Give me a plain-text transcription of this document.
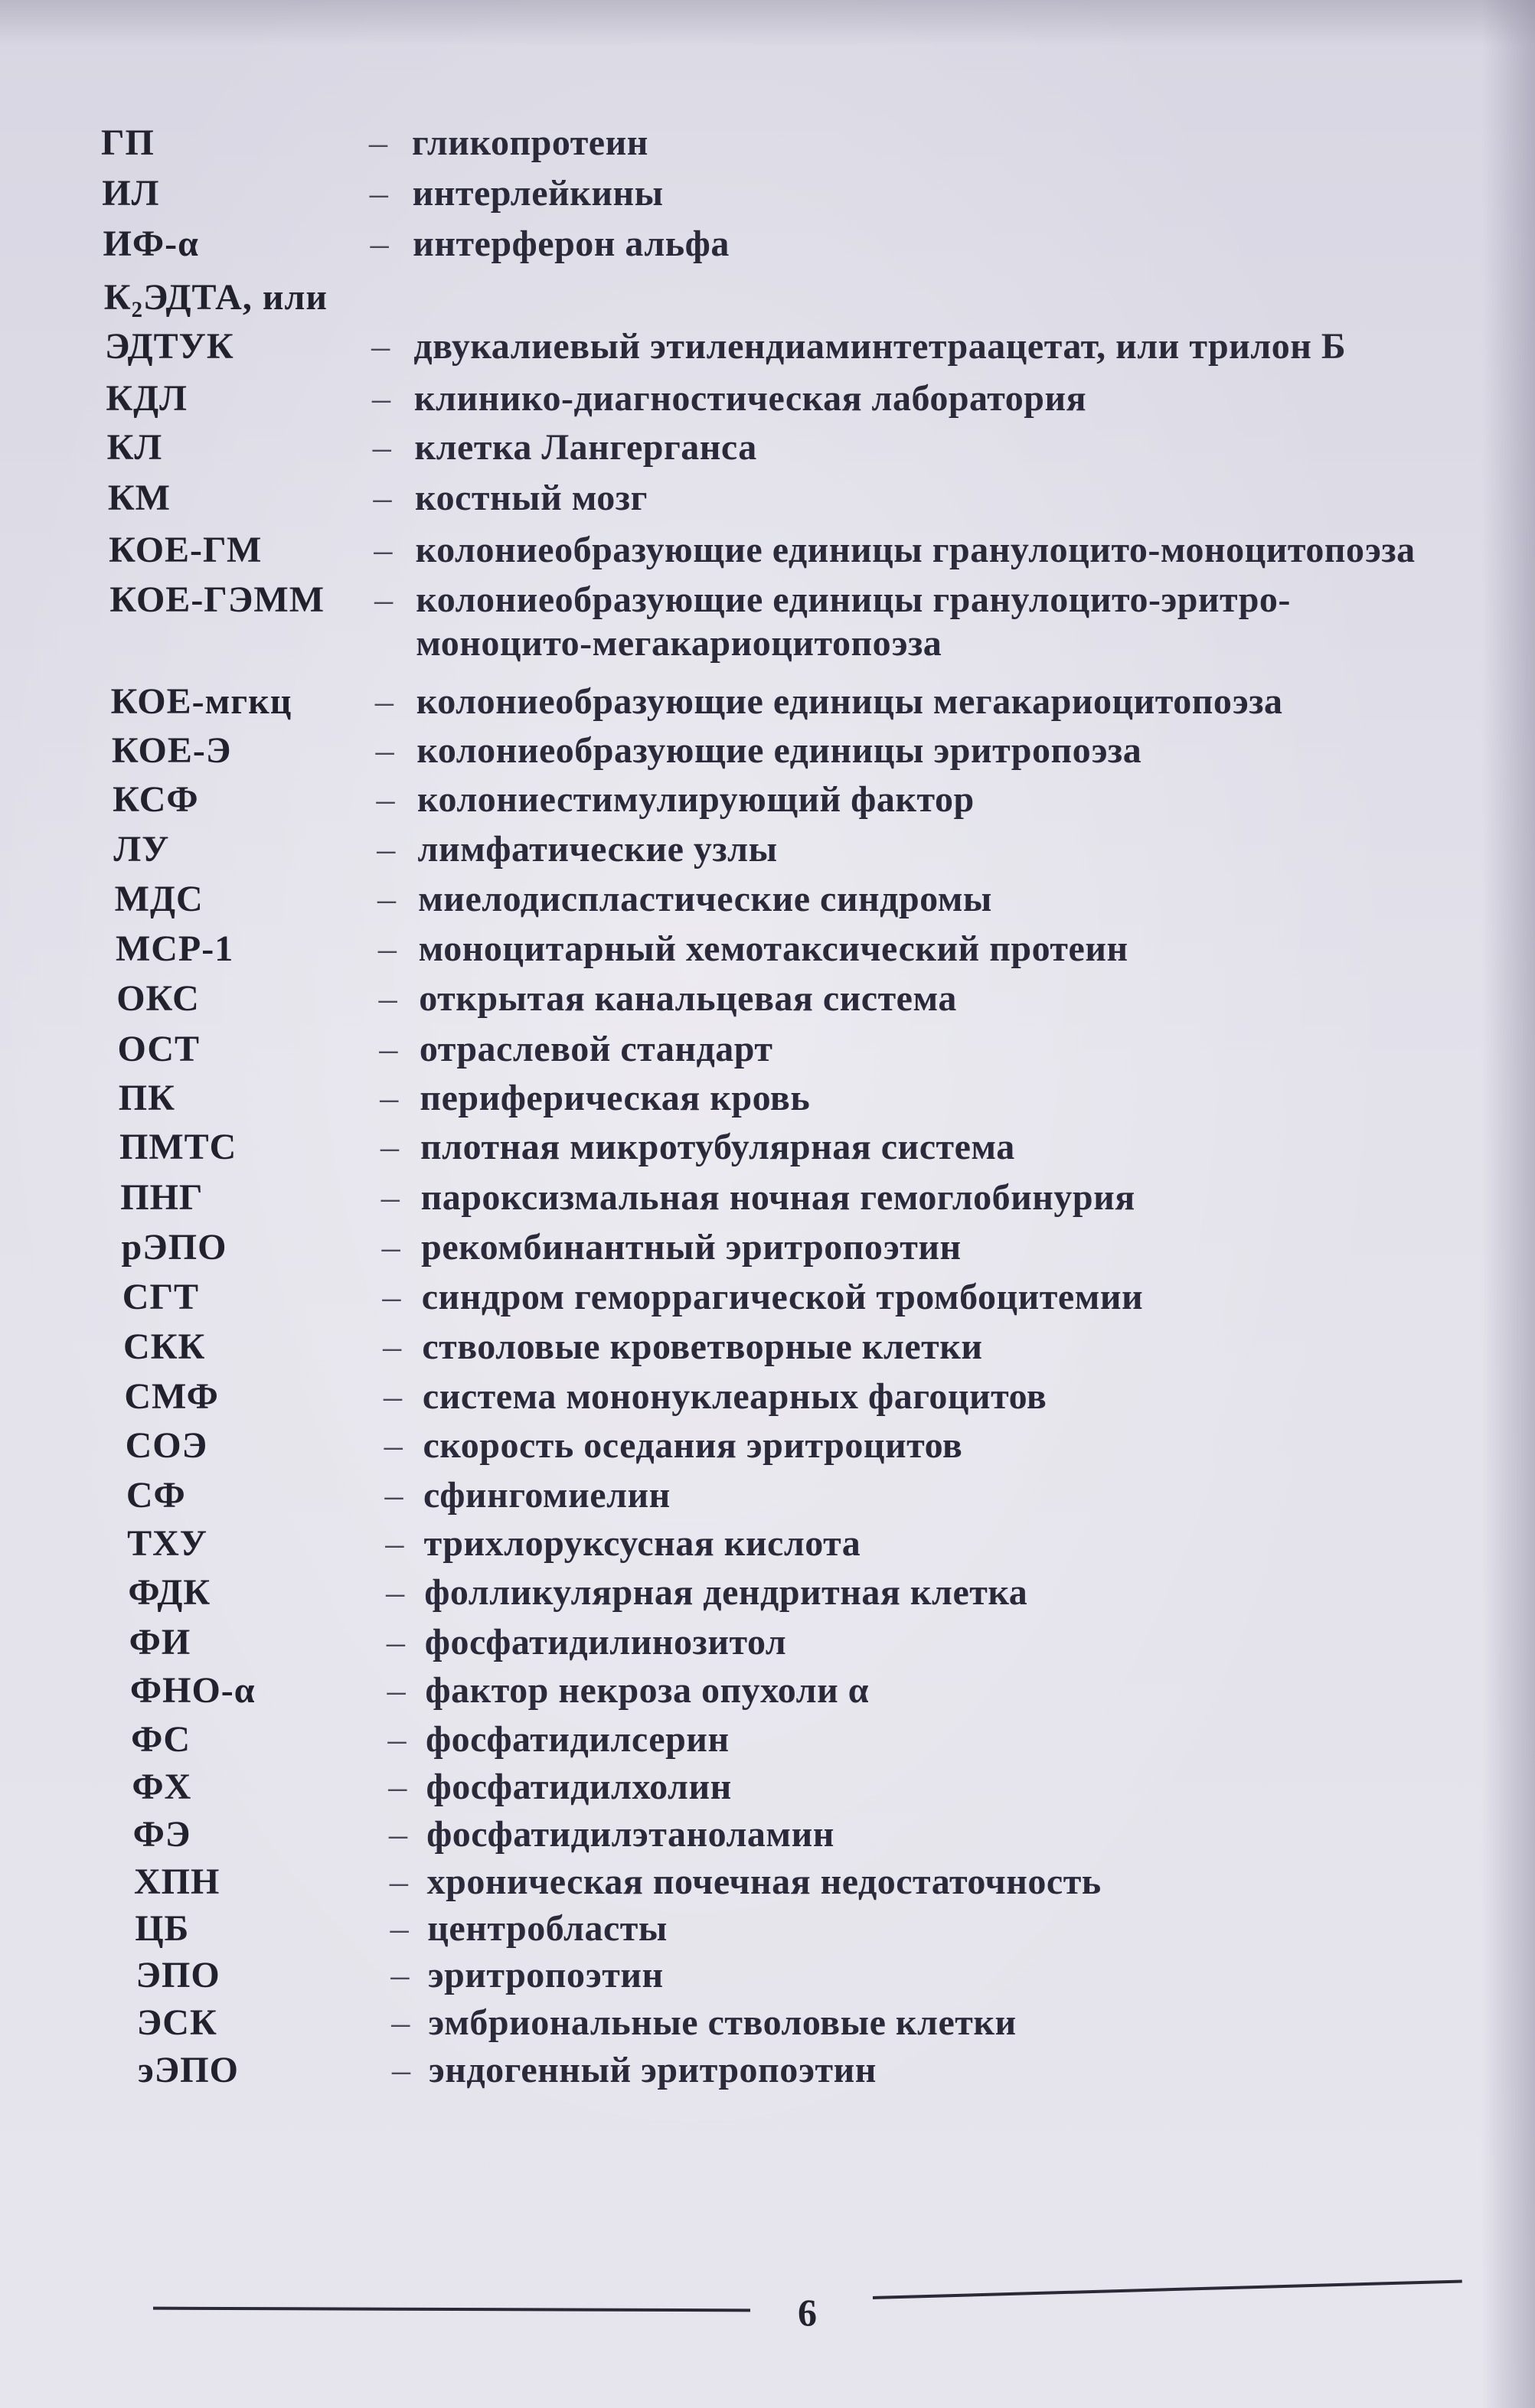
ГП	– гликопротеин
ИЛ	– интерлейкины
ИФ-α	– интерферон альфа
К₂ЭДТА, или
ЭДТУК	– двукалиевый этилендиаминтетраацетат, или трилон Б
КДЛ	– клинико-диагностическая лаборатория
КЛ	– клетка Лангерганса
КМ	– костный мозг
КОЕ-ГМ	– колониеобразующие единицы гранулоцито-моноцитопоэза
КОЕ-ГЭММ – колониеобразующие единицы гранулоцито-эритро-
моноцито-мегакариоцитопоэза
КОЕ-мгкц – колониеобразующие единицы мегакариоцитопоэза
КОЕ-Э	– колониеобразующие единицы эритропоэза
КСФ	– колониестимулирующий фактор
ЛУ	– лимфатические узлы
МДС	– миелодиспластические синдромы
МСР-1	– моноцитарный хемотаксический протеин
ОКС	– открытая канальцевая система
ОСТ	– отраслевой стандарт
ПК	– периферическая кровь
ПМТС	– плотная микротубулярная система
ПНГ	– пароксизмальная ночная гемоглобинурия
рЭПО	– рекомбинантный эритропоэтин
СГТ	– синдром геморрагической тромбоцитемии
СКК	– стволовые кроветворные клетки
СМФ	– система мононуклеарных фагоцитов
СОЭ	– скорость оседания эритроцитов
СФ	– сфингомиелин
ТХУ	– трихлоруксусная кислота
ФДК	– фолликулярная дендритная клетка
ФИ	– фосфатидилинозитол
ФНО-α	– фактор некроза опухоли α
ФС	– фосфатидилсерин
ФХ	– фосфатидилхолин
ФЭ	– фосфатидилэтаноламин
ХПН	– хроническая почечная недостаточность
ЦБ	– центробласты
ЭПО	– эритропоэтин
ЭСК	– эмбриональные стволовые клетки
эЭПО	– эндогенный эритропоэтин
6
